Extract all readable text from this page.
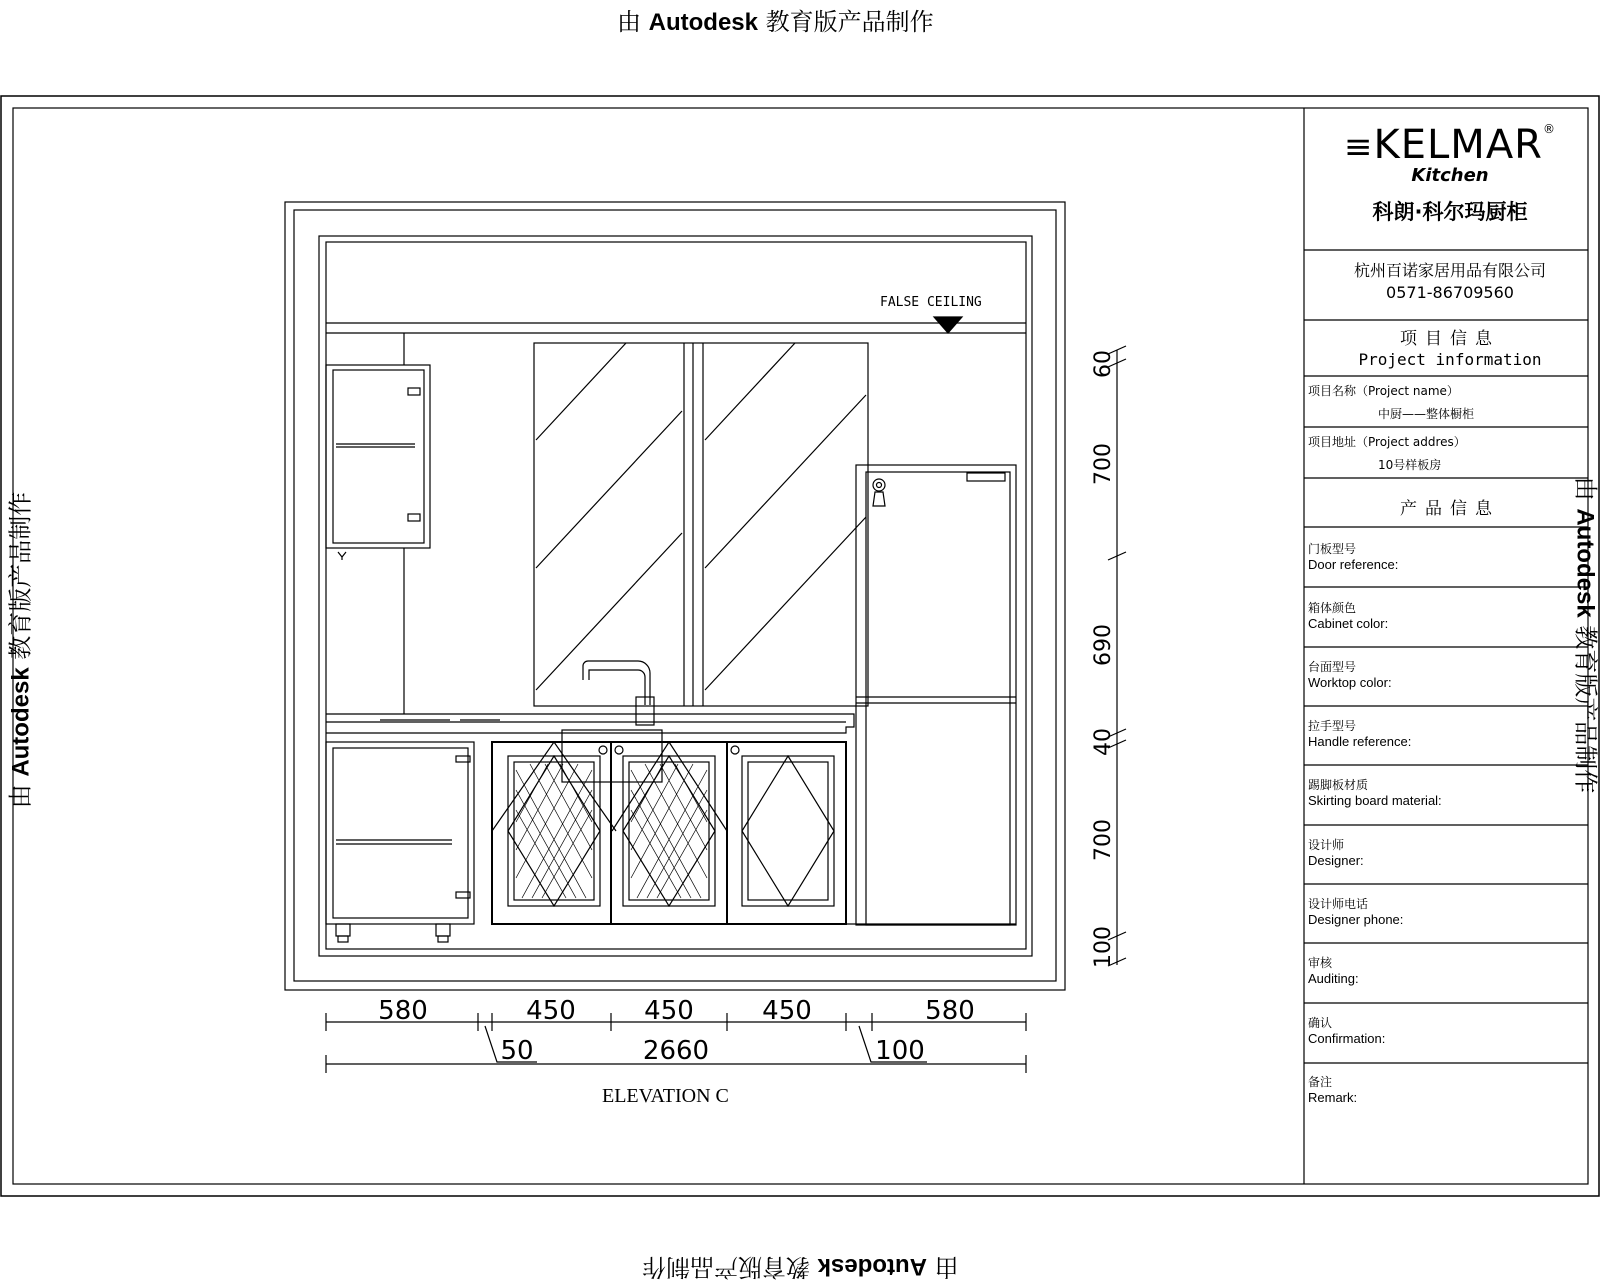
由 Autodesk 教育版产品制作
由 Autodesk 教育版产品制作
由 Autodesk 教育版产品制作	由 Autodesk 教育版产品制作
580	450	450	450	580
50	2660	100
60
700
690
40
700
100
FALSE CEILING
ELEVATION C
≡KELMAR®
Kitchen
科朗·科尔玛厨柜
杭州百诺家居用品有限公司
0571-86709560
项目信息
Project information
项目名称（Project name）
中厨——整体橱柜
项目地址（Project addres）
10号样板房
产品信息
门板型号
Door reference:
箱体颜色
Cabinet color:
台面型号
Worktop color:
拉手型号
Handle reference:
踢脚板材质
Skirting board material:
设计师
Designer:
设计师电话
Designer phone:
审核
Auditing:
确认
Confirmation:
备注
Remark:
